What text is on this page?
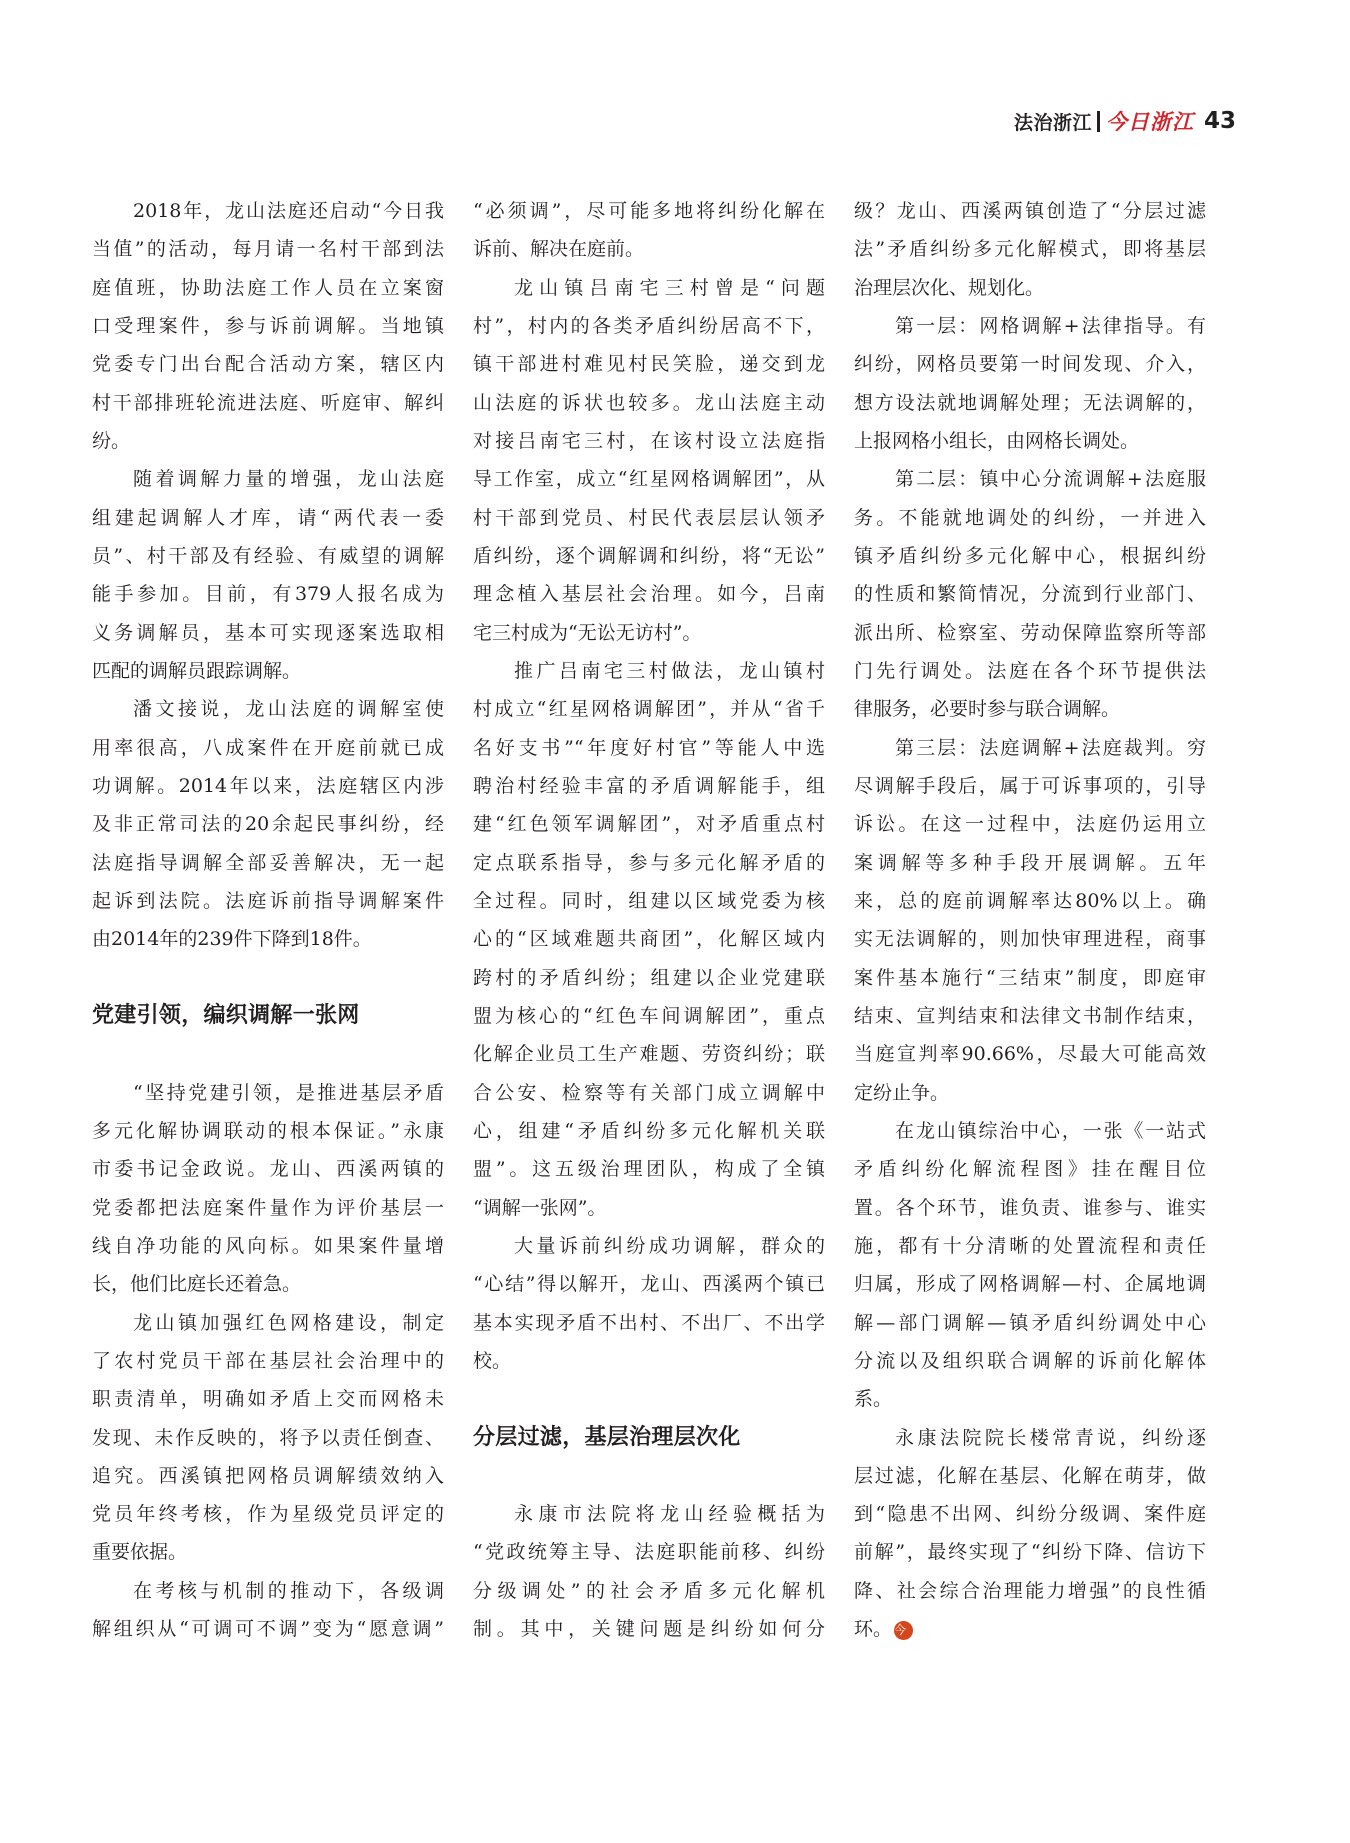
法治浙江 今日浙江 43
2018年，龙山法庭还启动“今日我
当值”的活动，每月请一名村干部到法
庭值班，协助法庭工作人员在立案窗
口受理案件，参与诉前调解。当地镇
党委专门出台配合活动方案，辖区内
村干部排班轮流进法庭、听庭审、解纠
纷。
随着调解力量的增强，龙山法庭
组建起调解人才库，请“两代表一委
员”、村干部及有经验、有威望的调解
能手参加。目前，有379人报名成为
义务调解员，基本可实现逐案选取相
匹配的调解员跟踪调解。
潘文接说，龙山法庭的调解室使
用率很高，八成案件在开庭前就已成
功调解。2014年以来，法庭辖区内涉
及非正常司法的20余起民事纠纷，经
法庭指导调解全部妥善解决，无一起
起诉到法院。法庭诉前指导调解案件
由2014年的239件下降到18件。
党建引领，编织调解一张网
“坚持党建引领，是推进基层矛盾
多元化解协调联动的根本保证。”永康
市委书记金政说。龙山、西溪两镇的
党委都把法庭案件量作为评价基层一
线自净功能的风向标。如果案件量增
长，他们比庭长还着急。
龙山镇加强红色网格建设，制定
了农村党员干部在基层社会治理中的
职责清单，明确如矛盾上交而网格未
发现、未作反映的，将予以责任倒查、
追究。西溪镇把网格员调解绩效纳入
党员年终考核，作为星级党员评定的
重要依据。
在考核与机制的推动下，各级调
解组织从“可调可不调”变为“愿意调”
“必须调”，尽可能多地将纠纷化解在
诉前、解决在庭前。
龙山镇吕南宅三村曾是“问题
村”，村内的各类矛盾纠纷居高不下，
镇干部进村难见村民笑脸，递交到龙
山法庭的诉状也较多。龙山法庭主动
对接吕南宅三村，在该村设立法庭指
导工作室，成立“红星网格调解团”，从
村干部到党员、村民代表层层认领矛
盾纠纷，逐个调解调和纠纷，将“无讼”
理念植入基层社会治理。如今，吕南
宅三村成为“无讼无访村”。
推广吕南宅三村做法，龙山镇村
村成立“红星网格调解团”，并从“省千
名好支书”“年度好村官”等能人中选
聘治村经验丰富的矛盾调解能手，组
建“红色领军调解团”，对矛盾重点村
定点联系指导，参与多元化解矛盾的
全过程。同时，组建以区域党委为核
心的“区域难题共商团”，化解区域内
跨村的矛盾纠纷；组建以企业党建联
盟为核心的“红色车间调解团”，重点
化解企业员工生产难题、劳资纠纷；联
合公安、检察等有关部门成立调解中
心，组建“矛盾纠纷多元化解机关联
盟”。这五级治理团队，构成了全镇
“调解一张网”。
大量诉前纠纷成功调解，群众的
“心结”得以解开，龙山、西溪两个镇已
基本实现矛盾不出村、不出厂、不出学
校。
分层过滤，基层治理层次化
永康市法院将龙山经验概括为
“党政统筹主导、法庭职能前移、纠纷
分级调处”的社会矛盾多元化解机
制。其中，关键问题是纠纷如何分
级？龙山、西溪两镇创造了“分层过滤
法”矛盾纠纷多元化解模式，即将基层
治理层次化、规划化。
第一层：网格调解+法律指导。有
纠纷，网格员要第一时间发现、介入，
想方设法就地调解处理；无法调解的，
上报网格小组长，由网格长调处。
第二层：镇中心分流调解+法庭服
务。不能就地调处的纠纷，一并进入
镇矛盾纠纷多元化解中心，根据纠纷
的性质和繁简情况，分流到行业部门、
派出所、检察室、劳动保障监察所等部
门先行调处。法庭在各个环节提供法
律服务，必要时参与联合调解。
第三层：法庭调解+法庭裁判。穷
尽调解手段后，属于可诉事项的，引导
诉讼。在这一过程中，法庭仍运用立
案调解等多种手段开展调解。五年
来，总的庭前调解率达80%以上。确
实无法调解的，则加快审理进程，商事
案件基本施行“三结束”制度，即庭审
结束、宣判结束和法律文书制作结束，
当庭宣判率90.66%，尽最大可能高效
定纷止争。
在龙山镇综治中心，一张《一站式
矛盾纠纷化解流程图》挂在醒目位
置。各个环节，谁负责、谁参与、谁实
施，都有十分清晰的处置流程和责任
归属，形成了网格调解—村、企属地调
解—部门调解—镇矛盾纠纷调处中心
分流以及组织联合调解的诉前化解体
系。
永康法院院长楼常青说，纠纷逐
层过滤，化解在基层、化解在萌芽，做
到“隐患不出网、纠纷分级调、案件庭
前解”，最终实现了“纠纷下降、信访下
降、社会综合治理能力增强”的良性循
环。 今
